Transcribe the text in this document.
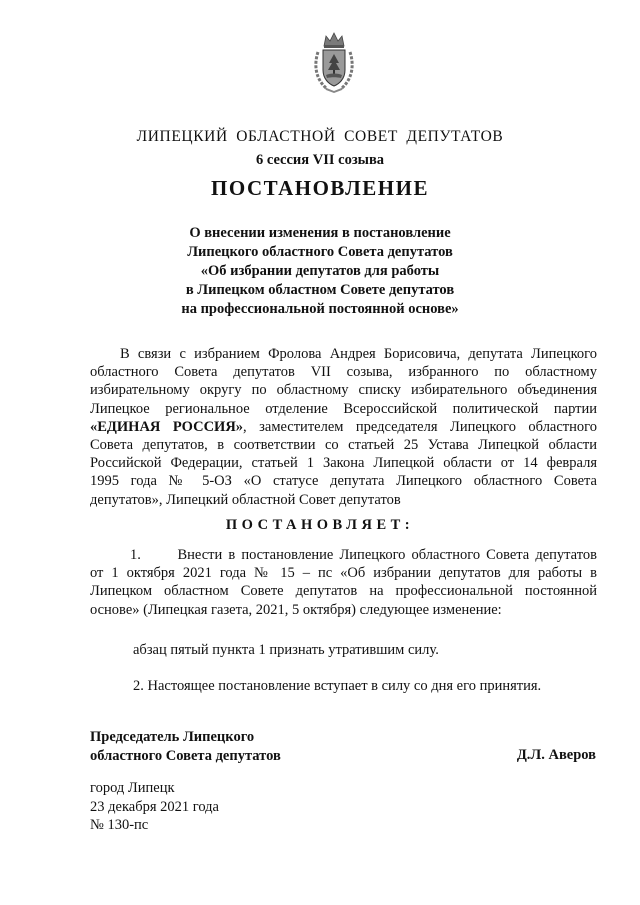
ЛИПЕЦКИЙ ОБЛАСТНОЙ СОВЕТ ДЕПУТАТОВ
6 сессия VII созыва
ПОСТАНОВЛЕНИЕ
О внесении изменения в постановление
Липецкого областного Совета депутатов
«Об избрании депутатов для работы
в Липецком областном Совете депутатов
на профессиональной постоянной основе»
В связи с избранием Фролова Андрея Борисовича, депутата Липецкого
областного Совета депутатов VII созыва, избранного по областному
избирательному округу по областному списку избирательного объединения
Липецкое региональное отделение Всероссийской политической партии
«ЕДИНАЯ РОССИЯ», заместителем председателя Липецкого областного
Совета депутатов, в соответствии со статьей 25 Устава Липецкой области
Российской Федерации, статьей 1 Закона Липецкой области от 14 февраля
1995 года № 5-ОЗ «О статусе депутата Липецкого областного Совета
депутатов», Липецкий областной Совет депутатов
ПОСТАНОВЛЯЕТ:
1.      Внести в постановление Липецкого областного Совета депутатов
от 1 октября 2021 года № 15 – пс «Об избрании депутатов для работы в
Липецком областном Совете депутатов на профессиональной постоянной
основе» (Липецкая газета, 2021, 5 октября) следующее изменение:
абзац пятый пункта 1 признать утратившим силу.
2. Настоящее постановление вступает в силу со дня его принятия.
Председатель Липецкого
областного Совета депутатов	Д.Л. Аверов
город Липецк
23 декабря 2021 года
№ 130-пс
